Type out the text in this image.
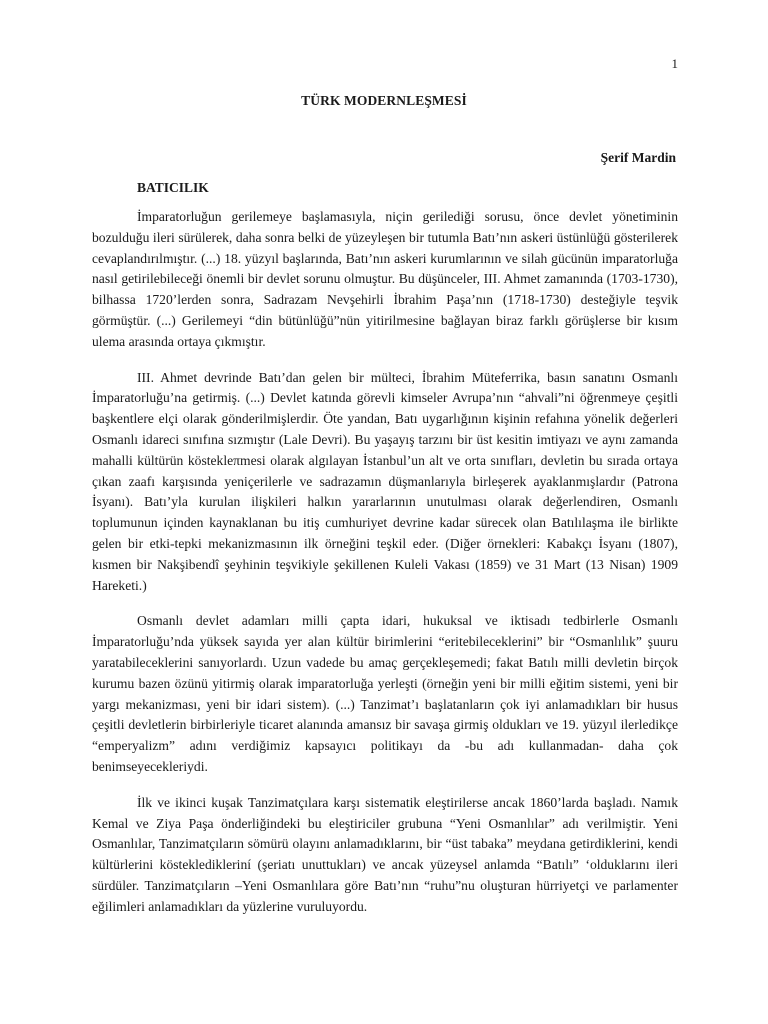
1
TÜRK MODERNLEŞMESİ
Şerif Mardin
BATICILIK

İmparatorluğun gerilemeye başlamasıyla, niçin gerilediği sorusu, önce devlet yönetiminin bozulduğu ileri sürülerek, daha sonra belki de yüzeyleşen bir tutumla Batı’nın askeri üstünlüğü gösterilerek cevaplandırılmıştır. (...) 18. yüzyıl başlarında, Batı’nın askeri kurumlarının ve silah gücünün imparatorluğa nasıl getirilebileceği önemli bir devlet sorunu olmuştur. Bu düşünceler, III. Ahmet zamanında (1703-1730), bilhassa 1720’lerden sonra, Sadrazam Nevşehirli İbrahim Paşa’nın (1718-1730) desteğiyle teşvik görmüştür. (...) Gerilemeyi “din bütünlüğü”nün yitirilmesine bağlayan biraz farklı görüşlerse bir kısım ulema arasında ortaya çıkmıştır.

III. Ahmet devrinde Batı’dan gelen bir mülteci, İbrahim Müteferrika, basın sanatını Osmanlı İmparatorluğu’na getirmiş. (...) Devlet katında görevli kimseler Avrupa’nın “ahvali”ni öğrenmeye çeşitli başkentlere elçi olarak gönderilmişlerdir. Öte yandan, Batı uygarlığının kişinin refahına yönelik değerleri Osmanlı idareci sınıfına sızmıştır (Lale Devri). Bu yaşayış tarzını bir üst kesitin imtiyazı ve aynı zamanda mahalli kültürün köstekleπmesi olarak algılayan İstanbul’un alt ve orta sınıfları, devletin bu sırada ortaya çıkan zaafı karşısında yeniçerilerle ve sadrazamın düşmanlarıyla birleşerek ayaklanmışlardır (Patrona İsyanı). Batı’yla kurulan ilişkileri halkın yararlarının unutulması olarak değerlendiren, Osmanlı toplumunun içinden kaynaklanan bu itiş cumhuriyet devrine kadar sürecek olan Batılılaşma ile birlikte gelen bir etki-tepki mekanizmasının ilk örneğini teşkil eder. (Diğer örnekleri: Kabakçı İsyanı (1807), kısmen bir Nakşibendî şeyhinin teşvikiyle şekillenen Kuleli Vakası (1859) ve 31 Mart (13 Nisan) 1909 Hareketi.)

Osmanlı devlet adamları milli çapta idari, hukuksal ve iktisadı tedbirlerle Osmanlı İmparatorluğu’nda yüksek sayıda yer alan kültür birimlerini “eritebileceklerini” bir “Osmanlılık” şuuru yaratabileceklerini sanıyorlardı. Uzun vadede bu amaç gerçekleşemedi; fakat Batılı milli devletin birçok kurumu bazen özünü yitirmiş olarak imparatorluğa yerleşti (örneğin yeni bir milli eğitim sistemi, yeni bir yargı mekanizması, yeni bir idari sistem). (...) Tanzimat’ı başlatanların çok iyi anlamadıkları bir husus çeşitli devletlerin birbirleriyle ticaret alanında amansız bir savaşa girmiş oldukları ve 19. yüzyıl ilerledikçe “emperyalizm” adını verdiğimiz kapsayıcı politikayı da -bu adı kullanmadan- daha çok benimseyecekleriydi.

İlk ve ikinci kuşak Tanzimatçılara karşı sistematik eleştirilerse ancak 1860’larda başladı. Namık Kemal ve Ziya Paşa önderliğindeki bu eleştiriciler grubuna “Yeni Osmanlılar” adı verilmiştir. Yeni Osmanlılar, Tanzimatçıların sömürü olayını anlamadıklarını, bir “üst tabaka” meydana getirdiklerini, kendi kültürlerini köstekledikleriní (şeriatı unuttukları) ve ancak yüzeysel anlamda “Batılı” ‘olduklarını ileri sürdüler. Tanzimatçıların –Yeni Osmanlılara göre Batı’nın “ruhu”nu oluşturan hürriyetçi ve parlamenter eğilimleri anlamadıkları da yüzlerine vuruluyordu.
